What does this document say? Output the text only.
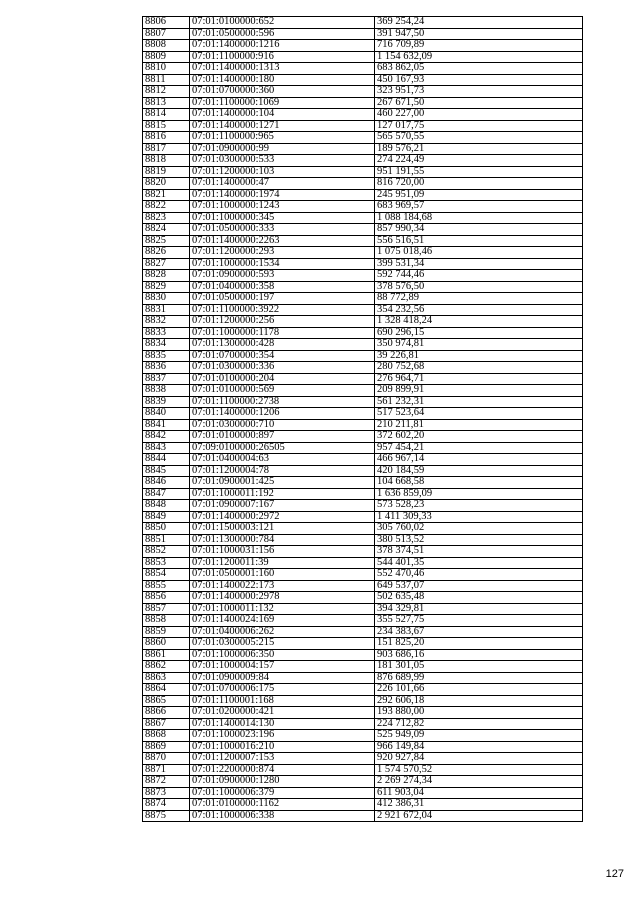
8806	07:01:0100000:652	369 254,24
8807	07:01:0500000:596	391 947,50
8808	07:01:1400000:1216	716 709,89
8809	07:01:1100000:916	1 154 632,09
8810	07:01:1400000:1313	683 862,05
8811	07:01:1400000:180	450 167,93
8812	07:01:0700000:360	323 951,73
8813	07:01:1100000:1069	267 671,50
8814	07:01:1400000:104	460 227,00
8815	07:01:1400000:1271	127 017,75
8816	07:01:1100000:965	565 570,55
8817	07:01:0900000:99	189 576,21
8818	07:01:0300000:533	274 224,49
8819	07:01:1200000:103	951 191,55
8820	07:01:1400000:47	816 720,00
8821	07:01:1400000:1974	245 951,09
8822	07:01:1000000:1243	683 969,57
8823	07:01:1000000:345	1 088 184,68
8824	07:01:0500000:333	857 990,34
8825	07:01:1400000:2263	556 516,51
8826	07:01:1200000:293	1 075 018,46
8827	07:01:1000000:1534	399 531,34
8828	07:01:0900000:593	592 744,46
8829	07:01:0400000:358	378 576,50
8830	07:01:0500000:197	88 772,89
8831	07:01:1100000:3922	354 232,56
8832	07:01:1200000:256	1 328 418,24
8833	07:01:1000000:1178	690 296,15
8834	07:01:1300000:428	350 974,81
8835	07:01:0700000:354	39 226,81
8836	07:01:0300000:336	280 752,68
8837	07:01:0100000:204	276 964,71
8838	07:01:0100000:569	209 899,91
8839	07:01:1100000:2738	561 232,31
8840	07:01:1400000:1206	517 523,64
8841	07:01:0300000:710	210 211,81
8842	07:01:0100000:897	372 602,20
8843	07:09:0100000:26505	957 454,21
8844	07:01:0400004:63	466 967,14
8845	07:01:1200004:78	420 184,59
8846	07:01:0900001:425	104 668,58
8847	07:01:1000011:192	1 636 859,09
8848	07:01:0900007:167	573 528,23
8849	07:01:1400000:2972	1 411 309,33
8850	07:01:1500003:121	305 760,02
8851	07:01:1300000:784	380 513,52
8852	07:01:1000031:156	378 374,51
8853	07:01:1200011:39	544 401,35
8854	07:01:0500001:160	552 470,46
8855	07:01:1400022:173	649 537,07
8856	07:01:1400000:2978	502 635,48
8857	07:01:1000011:132	394 329,81
8858	07:01:1400024:169	355 527,75
8859	07:01:0400006:262	234 383,67
8860	07:01:0300005:215	151 825,20
8861	07:01:1000006:350	903 686,16
8862	07:01:1000004:157	181 301,05
8863	07:01:0900009:84	876 689,99
8864	07:01:0700006:175	226 101,66
8865	07:01:1100001:168	292 606,18
8866	07:01:0200000:421	193 880,00
8867	07:01:1400014:130	224 712,82
8868	07:01:1000023:196	525 949,09
8869	07:01:1000016:210	966 149,84
8870	07:01:1200007:153	920 927,84
8871	07:01:2200000:874	1 574 570,52
8872	07:01:0900000:1280	2 269 274,34
8873	07:01:1000006:379	611 903,04
8874	07:01:0100000:1162	412 386,31
8875	07:01:1000006:338	2 921 672,04
127
